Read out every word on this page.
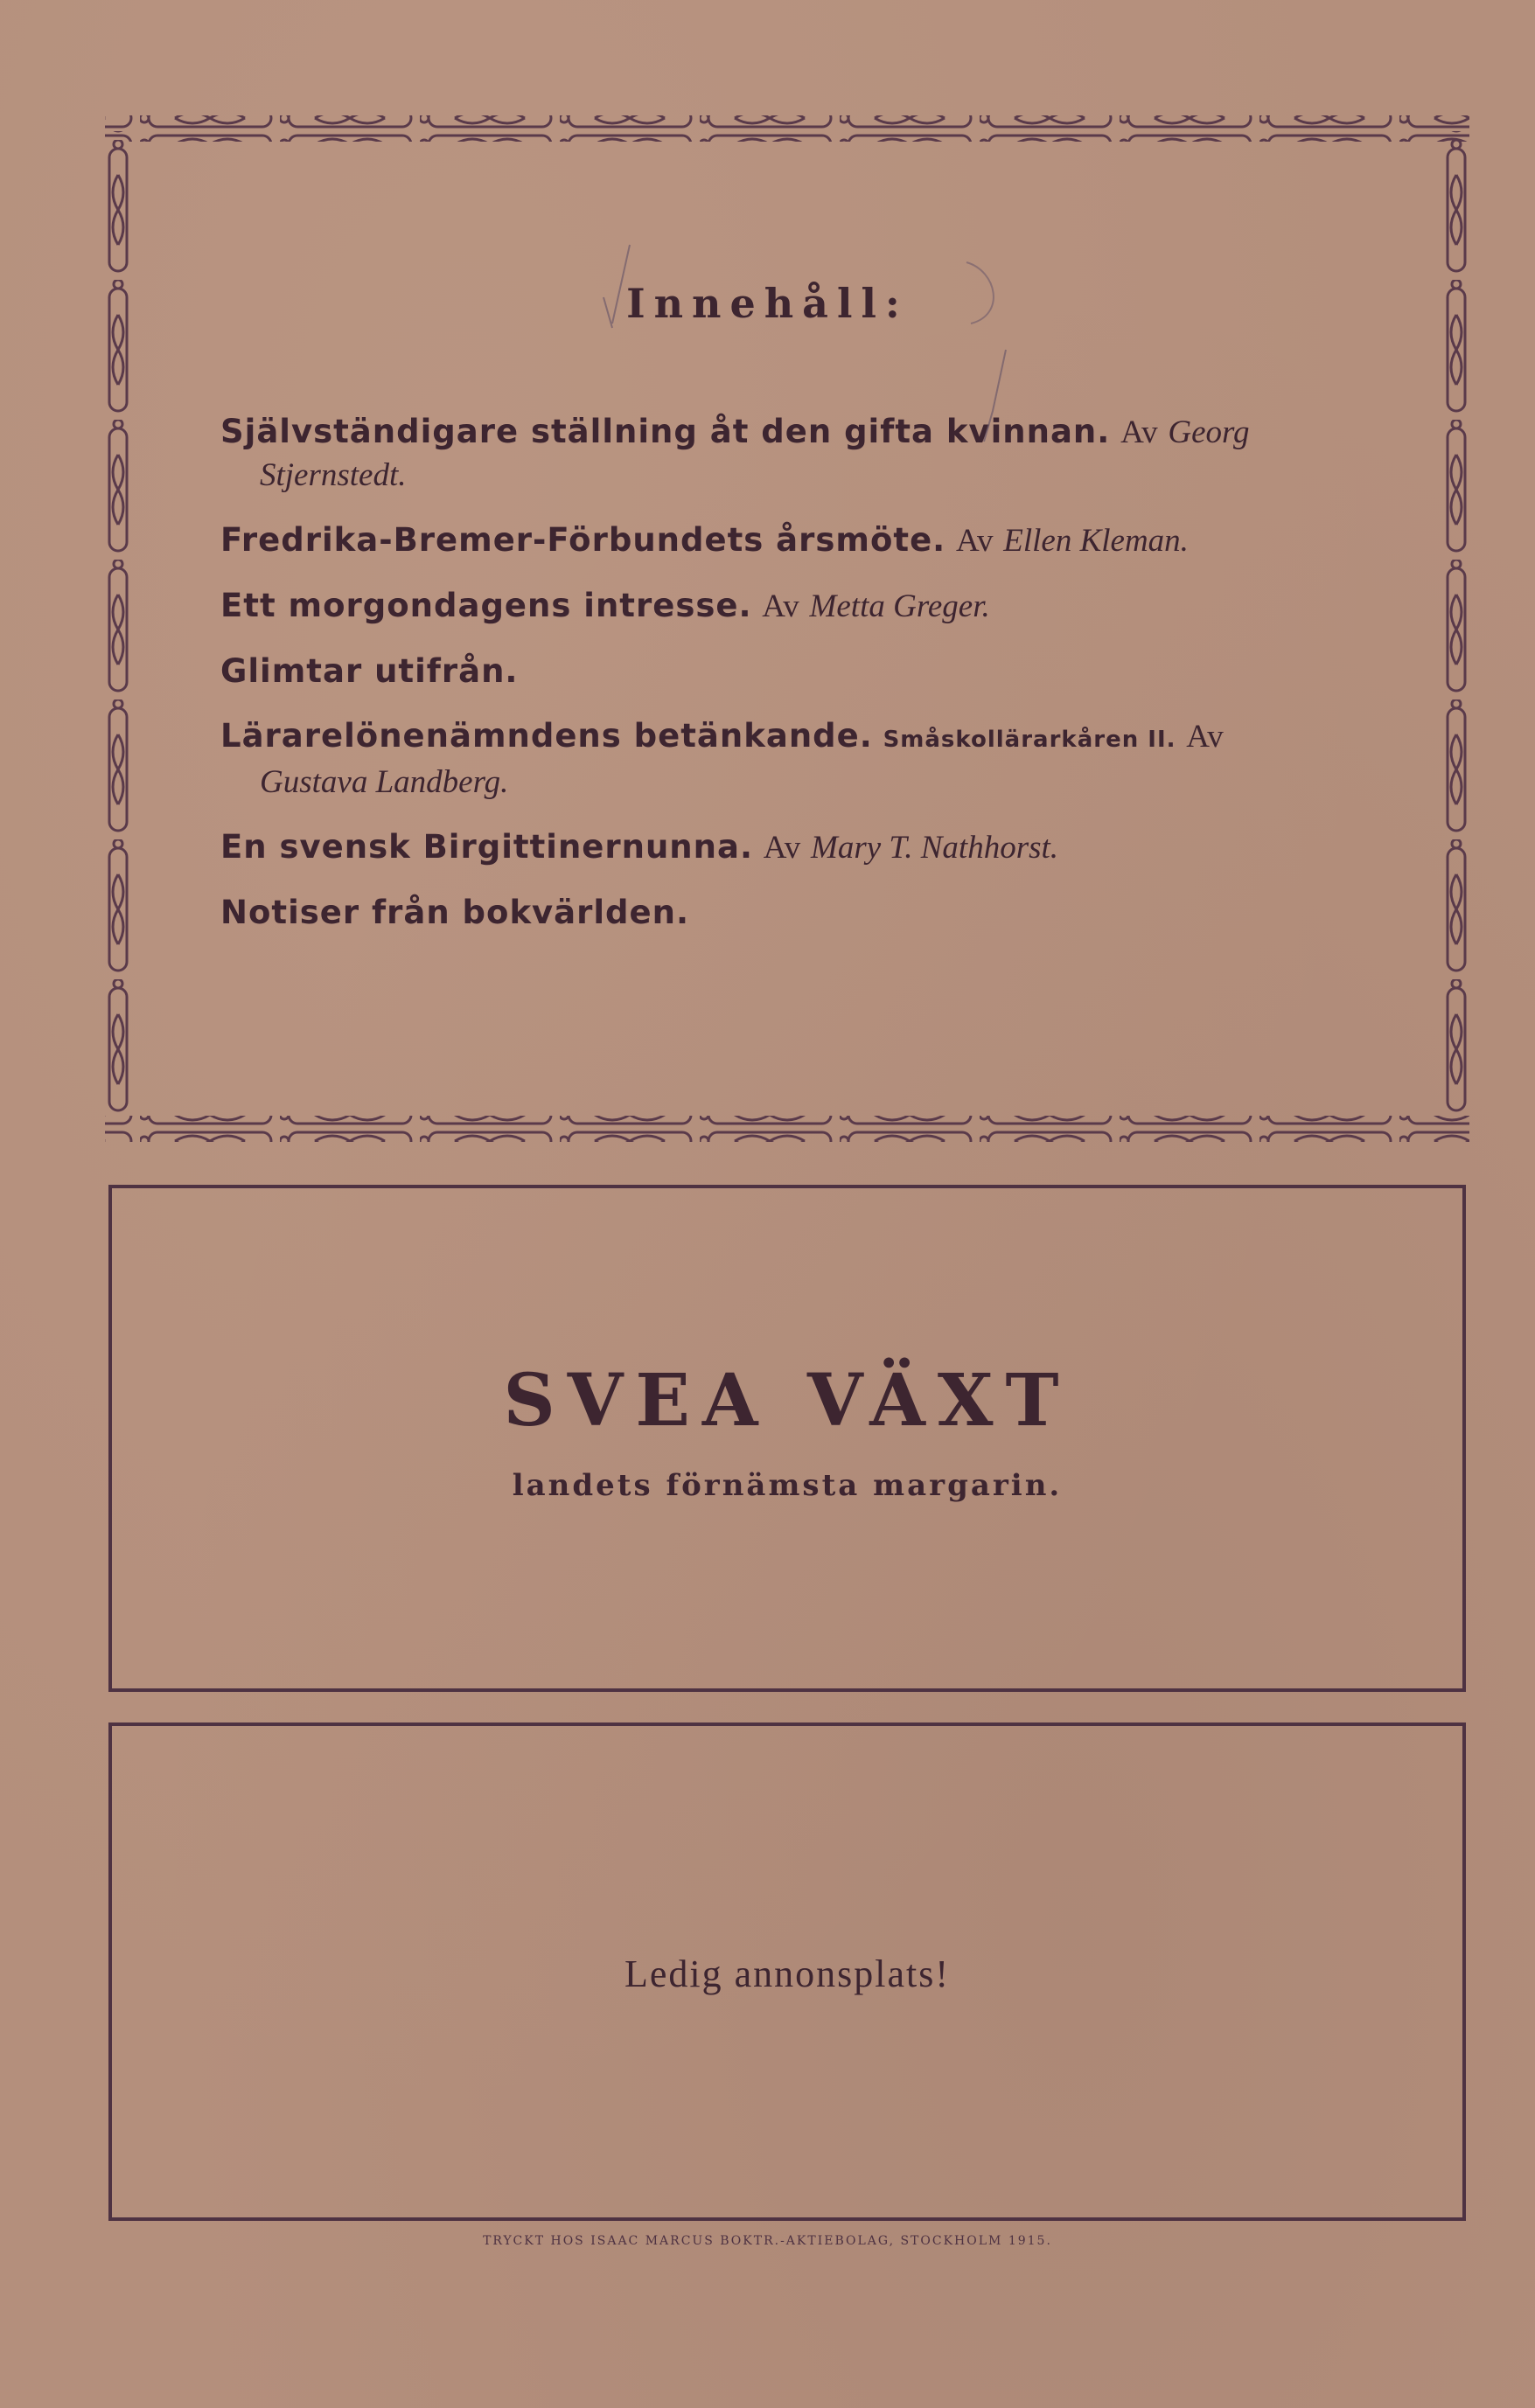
Innehåll:
Självständigare ställning åt den gifta kvinnan. Av Georg
Stjernstedt.
Fredrika-Bremer-Förbundets årsmöte. Av Ellen Kleman.
Ett morgondagens intresse. Av Metta Greger.
Glimtar utifrån.
Lärarelönenämndens betänkande. Småskollärarkåren II. Av
Gustava Landberg.
En svensk Birgittinernunna. Av Mary T. Nathhorst.
Notiser från bokvärlden.
SVEA VÄXT
landets förnämsta margarin.
Ledig annonsplats!
TRYCKT HOS ISAAC MARCUS BOKTR.-AKTIEBOLAG, STOCKHOLM 1915.
